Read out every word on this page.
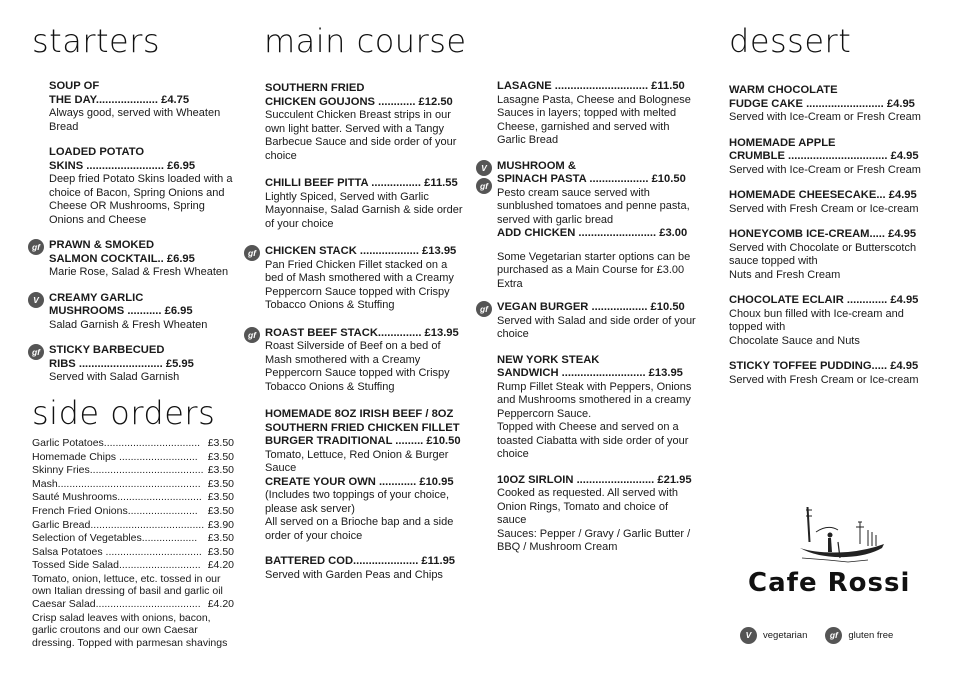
starters	main course	dessert
side orders
SOUP OF
THE DAY.................... £4.75
Always good, served with Wheaten Bread
LOADED POTATO
SKINS ......................... £6.95
Deep fried Potato Skins loaded with a choice of Bacon, Spring Onions and Cheese OR Mushrooms, Spring Onions and Cheese
gf PRAWN & SMOKED
SALMON COCKTAIL.. £6.95
Marie Rose, Salad & Fresh Wheaten
V CREAMY GARLIC
MUSHROOMS ........... £6.95
Salad Garnish & Fresh Wheaten
gf STICKY BARBECUED
RIBS ........................... £5.95
Served with Salad Garnish
Garlic Potatoes................................. £3.50
Homemade Chips ........................... £3.50
Skinny Fries....................................... £3.50
Mash................................................. £3.50
Sauté Mushrooms............................. £3.50
French Fried Onions........................ £3.50
Garlic Bread....................................... £3.90
Selection of Vegetables...................	£3.50
Salsa Potatoes ................................. £3.50
Tossed Side Salad............................ £4.20
Tomato, onion, lettuce, etc. tossed in our own Italian dressing of basil and garlic oil
Caesar Salad.................................... £4.20
Crisp salad leaves with onions, bacon, garlic croutons and our own Caesar dressing. Topped with parmesan shavings
SOUTHERN FRIED
CHICKEN GOUJONS ............ £12.50
Succulent Chicken Breast strips in our own light batter. Served with a Tangy Barbecue Sauce and side order of your choice
CHILLI BEEF PITTA ................ £11.55
Lightly Spiced, Served with Garlic Mayonnaise, Salad Garnish & side order of your choice
gf CHICKEN STACK ................... £13.95
Pan Fried Chicken Fillet stacked on a bed of Mash smothered with a Creamy Peppercorn Sauce topped with Crispy Tobacco Onions & Stuffing
gf ROAST BEEF STACK.............. £13.95
Roast Silverside of Beef on a bed of Mash smothered with a Creamy Peppercorn Sauce topped with Crispy Tobacco Onions & Stuffing
HOMEMADE 8OZ IRISH BEEF / 8OZ SOUTHERN FRIED CHICKEN FILLET BURGER TRADITIONAL ......... £10.50
Tomato, Lettuce, Red Onion & Burger Sauce
CREATE YOUR OWN ............ £10.95
(Includes two toppings of your choice, please ask server)
All served on a Brioche bap and a side order of your choice
BATTERED COD..................... £11.95
Served with Garden Peas and Chips
LASAGNE .............................. £11.50
Lasagne Pasta, Cheese and Bolognese Sauces in layers; topped with melted Cheese, garnished and served with Garlic Bread
V
gf
MUSHROOM &
SPINACH PASTA ................... £10.50
Pesto cream sauce served with sunblushed tomatoes and penne pasta, served with garlic bread
ADD CHICKEN ......................... £3.00
Some Vegetarian starter options can be purchased as a Main Course for £3.00 Extra
gf VEGAN BURGER .................. £10.50
Served with Salad and side order of your choice
NEW YORK STEAK
SANDWICH ........................... £13.95
Rump Fillet Steak with Peppers, Onions and Mushrooms smothered in a creamy Peppercorn Sauce.
Topped with Cheese and served on a toasted Ciabatta with side order of your choice
10OZ SIRLOIN ......................... £21.95
Cooked as requested. All served with Onion Rings, Tomato and choice of sauce
Sauces: Pepper / Gravy / Garlic Butter / BBQ / Mushroom Cream
WARM CHOCOLATE
FUDGE CAKE ......................... £4.95
Served with Ice-Cream or Fresh Cream
HOMEMADE APPLE
CRUMBLE ................................ £4.95
Served with Ice-Cream or Fresh Cream
HOMEMADE CHEESECAKE... £4.95
Served with Fresh Cream or Ice-cream
HONEYCOMB ICE-CREAM..... £4.95
Served with Chocolate or Butterscotch sauce topped with
Nuts and Fresh Cream
CHOCOLATE ECLAIR ............. £4.95
Choux bun filled with Ice-cream and topped with
Chocolate Sauce and Nuts
STICKY TOFFEE PUDDING..... £4.95
Served with Fresh Cream or Ice-cream
Cafe Rossi
V	vegetarian	gf	gluten free
